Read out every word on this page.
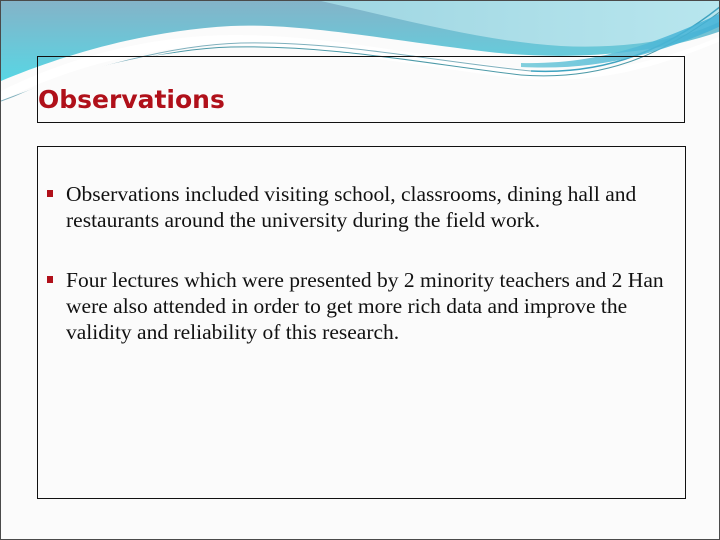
Observations
Observations included visiting school, classrooms, dining hall and restaurants around the university during the field work.
Four lectures which were presented by 2 minority teachers and 2 Han were also attended in order to get more rich data and improve the validity and reliability of this research.
